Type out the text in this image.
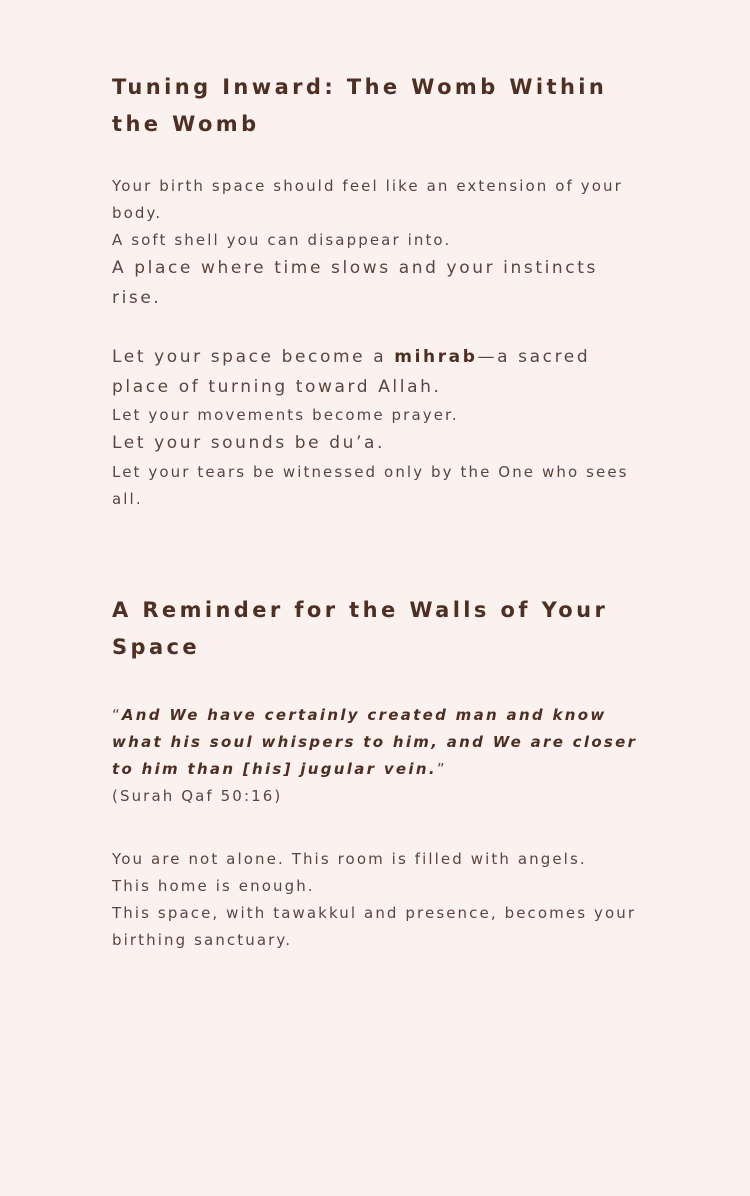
Tuning Inward: The Womb Within the Womb
Your birth space should feel like an extension of your body.
A soft shell you can disappear into.
A place where time slows and your instincts rise.
Let your space become a mihrab—a sacred place of turning toward Allah.
Let your movements become prayer.
Let your sounds be du’a.
Let your tears be witnessed only by the One who sees all.
A Reminder for the Walls of Your Space
“And We have certainly created man and know what his soul whispers to him, and We are closer to him than [his] jugular vein.”
(Surah Qaf 50:16)
You are not alone. This room is filled with angels.
This home is enough.
This space, with tawakkul and presence, becomes your birthing sanctuary.
